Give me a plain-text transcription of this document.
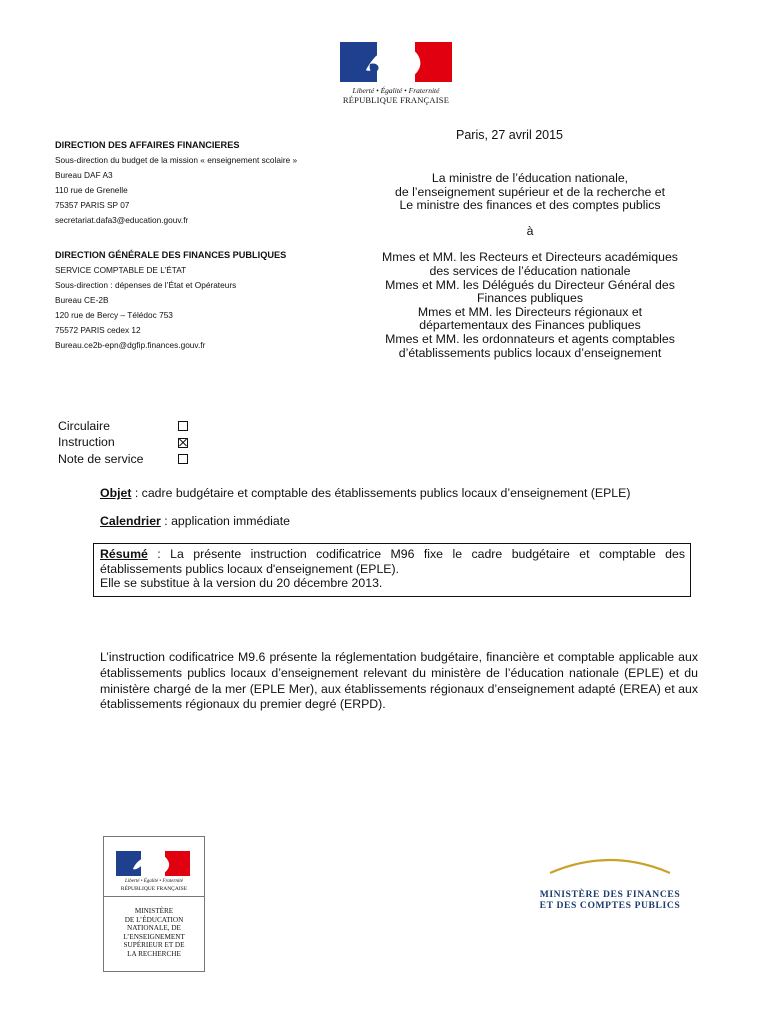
Liberté • Égalité • Fraternité
RÉPUBLIQUE FRANÇAISE
DIRECTION DES AFFAIRES FINANCIERES
Sous-direction du budget de la mission « enseignement scolaire »
Bureau DAF A3
110 rue de Grenelle
75357 PARIS SP 07
secretariat.dafa3@education.gouv.fr
DIRECTION GÉNÉRALE DES FINANCES PUBLIQUES
SERVICE COMPTABLE DE L’ÉTAT
Sous-direction : dépenses de l’État et Opérateurs
Bureau CE-2B
120 rue de Bercy – Télédoc 753
75572 PARIS cedex 12
Bureau.ce2b-epn@dgfip.finances.gouv.fr
Paris, 27 avril 2015
La ministre de l’éducation nationale,
de l’enseignement supérieur et de la recherche et
Le ministre des finances et des comptes publics
à
Mmes et MM. les Recteurs et Directeurs académiques
des services de l’éducation nationale
Mmes et MM. les Délégués du Directeur Général des
Finances publiques
Mmes et MM. les Directeurs régionaux et
départementaux des Finances publiques
Mmes et MM. les ordonnateurs et agents comptables
d’établissements publics locaux d’enseignement
Circulaire
Instruction
Note de service
Objet : cadre budgétaire et comptable des établissements publics locaux d’enseignement (EPLE)
Calendrier : application immédiate
Résumé : La présente instruction codificatrice M96 fixe le cadre budgétaire et comptable des établissements publics locaux d'enseignement (EPLE).
Elle se substitue à la version du 20 décembre 2013.
L’instruction codificatrice M9.6 présente la réglementation budgétaire, financière et comptable applicable aux établissements publics locaux d’enseignement relevant du ministère de l’éducation nationale (EPLE) et du ministère chargé de la mer (EPLE Mer), aux établissements régionaux d’enseignement adapté (EREA) et aux établissements régionaux du premier degré (ERPD).
Liberté • Égalité • Fraternité
RÉPUBLIQUE FRANÇAISE
MINISTÈRE
DE L’ÉDUCATION
NATIONALE, DE
L’ENSEIGNEMENT
SUPÉRIEUR ET DE
LA RECHERCHE
MINISTÈRE DES FINANCES
ET DES COMPTES PUBLICS
